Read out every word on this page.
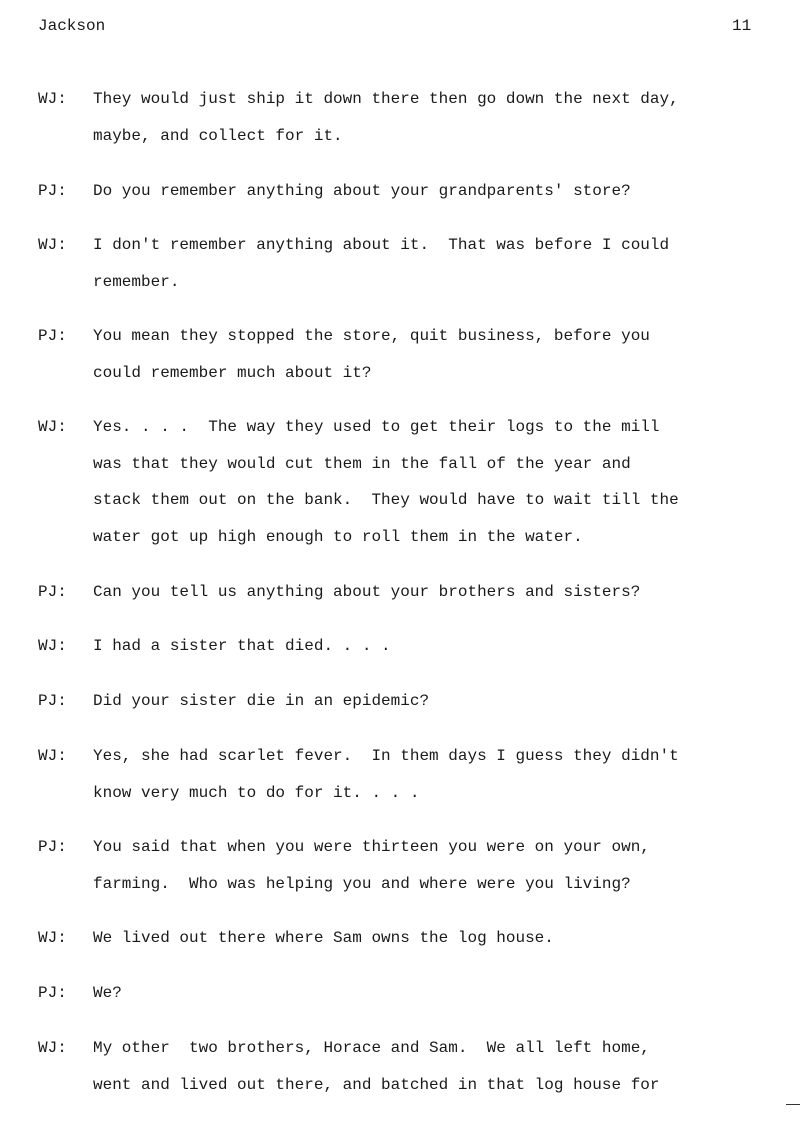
Jackson	11
WJ: They would just ship it down there then go down the next day,
maybe, and collect for it.
PJ: Do you remember anything about your grandparents' store?
WJ: I don't remember anything about it.  That was before I could
remember.
PJ: You mean they stopped the store, quit business, before you
could remember much about it?
WJ: Yes. . . .  The way they used to get their logs to the mill
was that they would cut them in the fall of the year and
stack them out on the bank.  They would have to wait till the
water got up high enough to roll them in the water.
PJ: Can you tell us anything about your brothers and sisters?
WJ: I had a sister that died. . . .
PJ: Did your sister die in an epidemic?
WJ: Yes, she had scarlet fever.  In them days I guess they didn't
know very much to do for it. . . .
PJ: You said that when you were thirteen you were on your own,
farming.  Who was helping you and where were you living?
WJ: We lived out there where Sam owns the log house.
PJ: We?
WJ: My other  two brothers, Horace and Sam.  We all left home,
went and lived out there, and batched in that log house for
